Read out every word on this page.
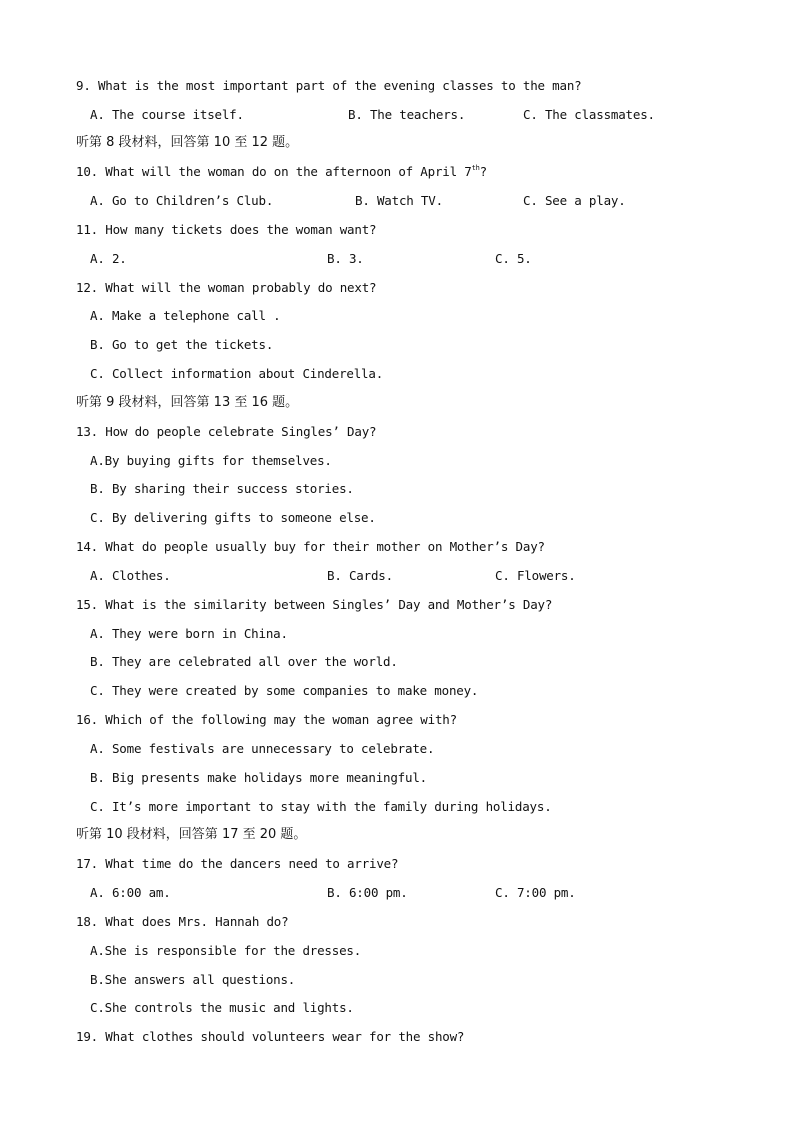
9. What is the most important part of the evening classes to the man?

A. The course itself.

	B. The teachers.

	C. The classmates.

听第 8 段材料，回答第 10 至 12 题。
10. What will the woman do on the afternoon of April 7th?

A. Go to Children’s Club.

	B. Watch TV.

	C. See a play.

11. How many tickets does the woman want?

A. 2.

	B. 3.

	C. 5.

12. What will the woman probably do next?
A. Make a telephone call .
B. Go to get the tickets.
C. Collect information about Cinderella.
听第 9 段材料，回答第 13 至 16 题。
13. How do people celebrate Singles’ Day?
A.By buying gifts for themselves.
B. By sharing their success stories.
C. By delivering gifts to someone else.
14. What do people usually buy for their mother on Mother’s Day?

A. Clothes.

	B. Cards.

	C. Flowers.

15. What is the similarity between Singles’ Day and Mother’s Day?
A. They were born in China.
B. They are celebrated all over the world.
C. They were created by some companies to make money.
16. Which of the following may the woman agree with?
A. Some festivals are unnecessary to celebrate.
B. Big presents make holidays more meaningful.
C. It’s more important to stay with the family during holidays.
听第 10 段材料，回答第 17 至 20 题。
17. What time do the dancers need to arrive?

A. 6:00 am.

	B. 6:00 pm.

	C. 7:00 pm.

18. What does Mrs. Hannah do?
A.She is responsible for the dresses.
B.She answers all questions.
C.She controls the music and lights.
19. What clothes should volunteers wear for the show?
